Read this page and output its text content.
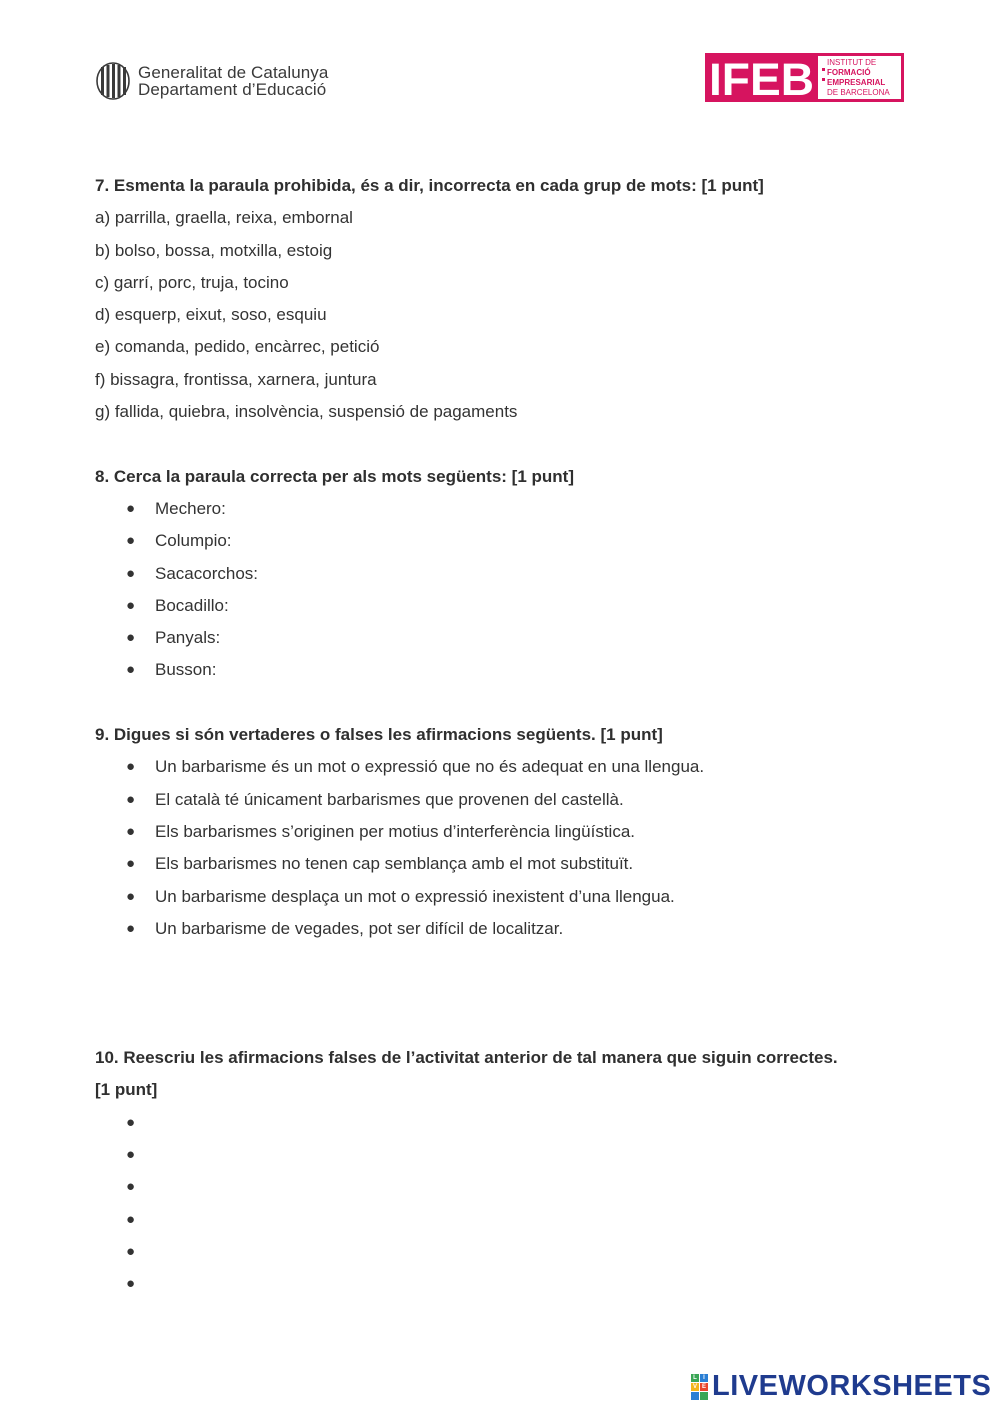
Generalitat de Catalunya
Departament d’Educació	IFEB INSTITUT DE
FORMACIÓ
EMPRESARIAL
DE BARCELONA
7. Esmenta la paraula prohibida, és a dir, incorrecta en cada grup de mots: [1 punt]
a) parrilla, graella, reixa, embornal
b) bolso, bossa, motxilla, estoig
c) garrí, porc, truja, tocino
d) esquerp, eixut, soso, esquiu
e) comanda, pedido, encàrrec, petició
f) bissagra, frontissa, xarnera, juntura
g) fallida, quiebra, insolvència, suspensió de pagaments
8. Cerca la paraula correcta per als mots següents: [1 punt]
● Mechero:
● Columpio:
● Sacacorchos:
● Bocadillo:
● Panyals:
● Busson:
9. Digues si són vertaderes o falses les afirmacions següents. [1 punt]
● Un barbarisme és un mot o expressió que no és adequat en una llengua.
● El català té únicament barbarismes que provenen del castellà.
● Els barbarismes s’originen per motius d’interferència lingüística.
● Els barbarismes no tenen cap semblança amb el mot substituït.
● Un barbarisme desplaça un mot o expressió inexistent d’una llengua.
● Un barbarisme de vegades, pot ser difícil de localitzar.
10. Reescriu les afirmacions falses de l’activitat anterior de tal manera que siguin correctes.
[1 punt]
●
●
●
●
●
●
L	I
V E LIVEWORKSHEETS
